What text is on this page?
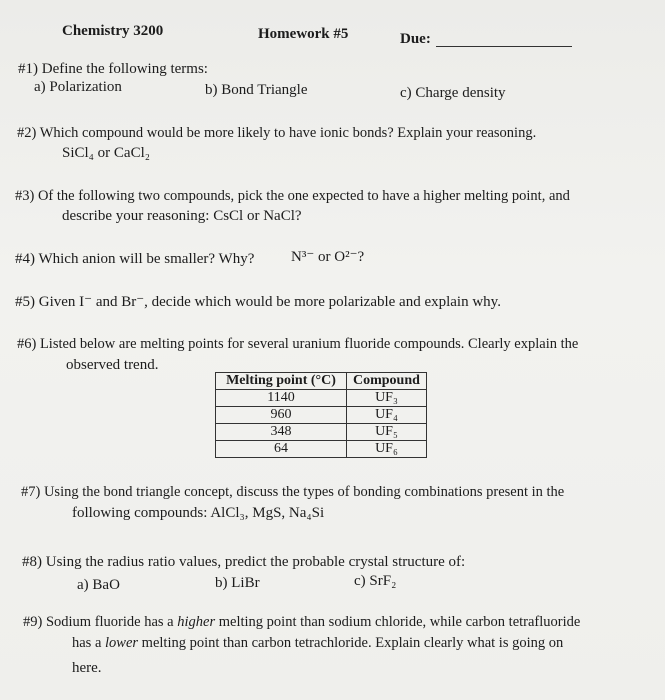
Chemistry 3200	Homework #5	Due:
#1) Define the following terms:
a) Polarization	b) Bond Triangle	c) Charge density
#2) Which compound would be more likely to have ionic bonds? Explain your reasoning.
SiCl₄ or CaCl₂
#3) Of the following two compounds, pick the one expected to have a higher melting point, and
describe your reasoning: CsCl or NaCl?
#4) Which anion will be smaller? Why? N³⁻ or O²⁻?
#5) Given I⁻ and Br⁻, decide which would be more polarizable and explain why.
#6) Listed below are melting points for several uranium fluoride compounds. Clearly explain the
observed trend.
Melting point (°C)	Compound
1140	UF₃
960	UF₄
348	UF₅
64	UF₆
#7) Using the bond triangle concept, discuss the types of bonding combinations present in the
following compounds: AlCl₃, MgS, Na₄Si
#8) Using the radius ratio values, predict the probable crystal structure of:
a) BaO	b) LiBr	c) SrF₂
#9) Sodium fluoride has a higher melting point than sodium chloride, while carbon tetrafluoride
has a lower melting point than carbon tetrachloride. Explain clearly what is going on
here.
